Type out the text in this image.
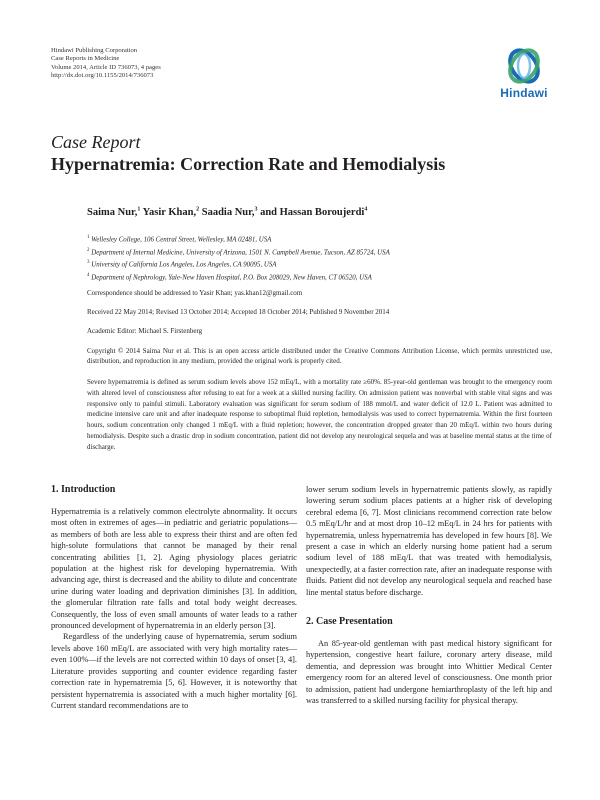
Hindawi Publishing Corporation
Case Reports in Medicine
Volume 2014, Article ID 736073, 4 pages
http://dx.doi.org/10.1155/2014/736073
Hindawi
Case Report
Hypernatremia: Correction Rate and Hemodialysis
Saima Nur,$^1$ Yasir Khan,$^2$ Saadia Nur,$^3$ and Hassan Boroujerdi$^4$
$^1$ Wellesley College, 106 Central Street, Wellesley, MA 02481, USA
$^2$ Department of Internal Medicine, University of Arizona, 1501 N. Campbell Avenue, Tucson, AZ 85724, USA
$^3$ University of California Los Angeles, Los Angeles, CA 90095, USA
$^4$ Department of Nephrology, Yale-New Haven Hospital, P.O. Box 208029, New Haven, CT 06520, USA
Correspondence should be addressed to Yasir Khan; yas.khan12@gmail.com
Received 22 May 2014; Revised 13 October 2014; Accepted 18 October 2014; Published 9 November 2014
Academic Editor: Michael S. Firstenberg
Copyright © 2014 Saima Nur et al. This is an open access article distributed under the Creative Commons Attribution License, which permits unrestricted use, distribution, and reproduction in any medium, provided the original work is properly cited.
Severe hypernatremia is defined as serum sodium levels above 152 mEq/L, with a mortality rate ≥60%. 85-year-old gentleman was brought to the emergency room with altered level of consciousness after refusing to eat for a week at a skilled nursing facility. On admission patient was nonverbal with stable vital signs and was responsive only to painful stimuli. Laboratory evaluation was significant for serum sodium of 188 mmol/L and water deficit of 12.0 L. Patient was admitted to medicine intensive care unit and after inadequate response to suboptimal fluid repletion, hemodialysis was used to correct hypernatremia. Within the first fourteen hours, sodium concentration only changed 1 mEq/L with a fluid repletion; however, the concentration dropped greater than 20 mEq/L within two hours during hemodialysis. Despite such a drastic drop in sodium concentration, patient did not develop any neurological sequela and was at baseline mental status at the time of discharge.
1. Introduction

Hypernatremia is a relatively common electrolyte abnormality. It occurs most often in extremes of ages—in pediatric and geriatric populations—as members of both are less able to express their thirst and are often fed high-solute formulations that cannot be managed by their renal concentrating abilities [1, 2]. Aging physiology places geriatric population at the highest risk for developing hypernatremia. With advancing age, thirst is decreased and the ability to dilute and concentrate urine during water loading and deprivation diminishes [3]. In addition, the glomerular filtration rate falls and total body weight decreases. Consequently, the loss of even small amounts of water leads to a rather pronounced development of hypernatremia in an elderly person [3].

Regardless of the underlying cause of hypernatremia, serum sodium levels above 160 mEq/L are associated with very high mortality rates—even 100%—if the levels are not corrected within 10 days of onset [3, 4]. Literature provides supporting and counter evidence regarding faster correction rate in hypernatremia [5, 6]. However, it is noteworthy that persistent hypernatremia is associated with a much higher mortality [6]. Current standard recommendations are to

lower serum sodium levels in hypernatremic patients slowly, as rapidly lowering serum sodium places patients at a higher risk of developing cerebral edema [6, 7]. Most clinicians recommend correction rate below 0.5 mEq/L/hr and at most drop 10–12 mEq/L in 24 hrs for patients with hypernatremia, unless hypernatremia has developed in few hours [8]. We present a case in which an elderly nursing home patient had a serum sodium level of 188 mEq/L that was treated with hemodialysis, unexpectedly, at a faster correction rate, after an inadequate response with fluids. Patient did not develop any neurological sequela and reached base line mental status before discharge.

2. Case Presentation

An 85-year-old gentleman with past medical history significant for hypertension, congestive heart failure, coronary artery disease, mild dementia, and depression was brought into Whittier Medical Center emergency room for an altered level of consciousness. One month prior to admission, patient had undergone hemiarthroplasty of the left hip and was transferred to a skilled nursing facility for physical therapy.
